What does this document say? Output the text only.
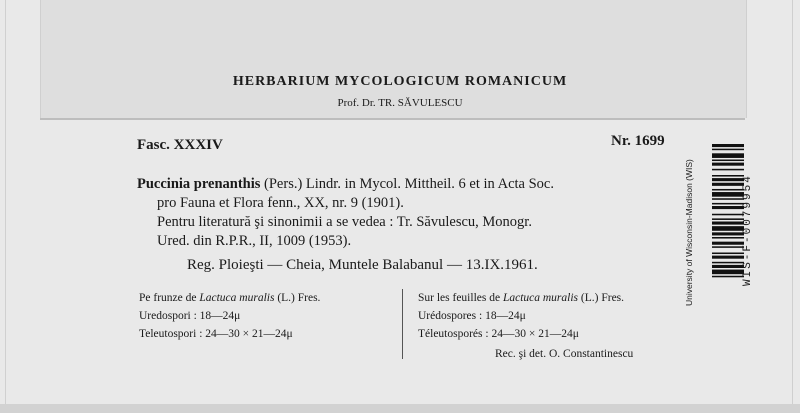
HERBARIUM MYCOLOGICUM ROMANICUM
Prof. Dr. TR. SĂVULESCU
Fasc. XXXIV	Nr. 1699
Puccinia prenanthis (Pers.) Lindr. in Mycol. Mittheil. 6 et in Acta Soc.
pro Fauna et Flora fenn., XX, nr. 9 (1901).
Pentru literatură şi sinonimii a se vedea : Tr. Săvulescu, Monogr.
Ured. din R.P.R., II, 1009 (1953).
Reg. Ploieşti — Cheia, Muntele Balabanul — 13.IX.1961.
Pe frunze de Lactuca muralis (L.) Fres.
Uredospori : 18—24μ
Teleutospori : 24—30 × 21—24μ
Sur les feuilles de Lactuca muralis (L.) Fres.
Urédospores : 18—24μ
Téleutosporés : 24—30 × 21—24μ
Rec. şi det. O. Constantinescu
University of Wisconsin-Madison (WIS)	WIS-F-0079954
